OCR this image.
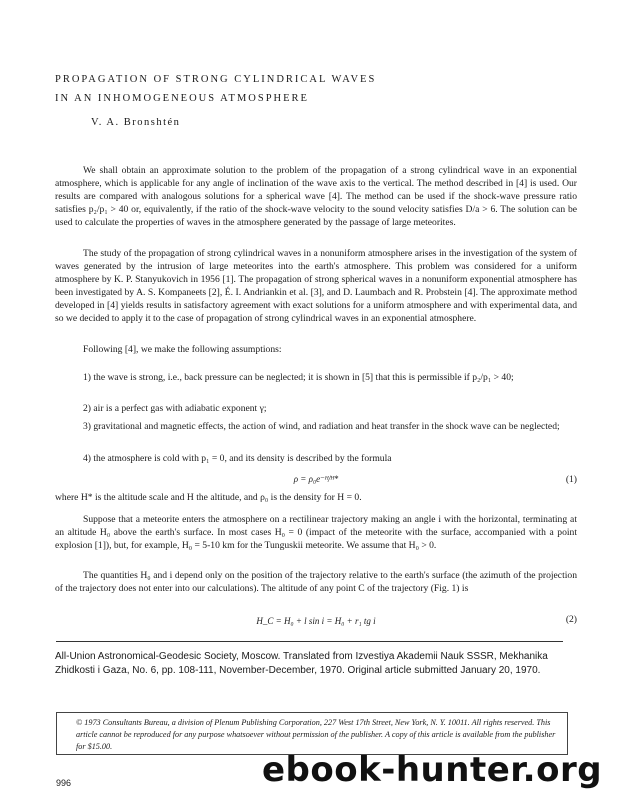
PROPAGATION OF STRONG CYLINDRICAL WAVES
IN AN INHOMOGENEOUS ATMOSPHERE
V. A. Bronshtén

We shall obtain an approximate solution to the problem of the propagation of a strong cylindrical wave in an exponential atmosphere, which is applicable for any angle of inclination of the wave axis to the vertical. The method described in [4] is used. Our results are compared with analogous solutions for a spherical wave [4]. The method can be used if the shock-wave pressure ratio satisfies p₂/p₁ > 40 or, equivalently, if the ratio of the shock-wave velocity to the sound velocity satisfies D/a > 6. The solution can be used to calculate the properties of waves in the atmosphere generated by the passage of large meteorites.

The study of the propagation of strong cylindrical waves in a nonuniform atmosphere arises in the investigation of the system of waves generated by the intrusion of large meteorites into the earth's atmosphere. This problem was considered for a uniform atmosphere by K. P. Stanyukovich in 1956 [1]. The propagation of strong spherical waves in a nonuniform exponential atmosphere has been investigated by A. S. Kompaneets [2], É. I. Andriankin et al. [3], and D. Laumbach and R. Probstein [4]. The approximate method developed in [4] yields results in satisfactory agreement with exact solutions for a uniform atmosphere and with experimental data, and so we decided to apply it to the case of propagation of strong cylindrical waves in an exponential atmosphere.

Following [4], we make the following assumptions:

1) the wave is strong, i.e., back pressure can be neglected; it is shown in [5] that this is permissible if p₂/p₁ > 40;

2) air is a perfect gas with adiabatic exponent γ;

3) gravitational and magnetic effects, the action of wind, and radiation and heat transfer in the shock wave can be neglected;

4) the atmosphere is cold with p₁ = 0, and its density is described by the formula

ρ = ρ₀e⁻ᴴ/ᴴ*	(1)

where H* is the altitude scale and H the altitude, and ρ₀ is the density for H = 0.

Suppose that a meteorite enters the atmosphere on a rectilinear trajectory making an angle i with the horizontal, terminating at an altitude H₀ above the earth's surface. In most cases H₀ = 0 (impact of the meteorite with the surface, accompanied with a point explosion [1]), but, for example, H₀ = 5-10 km for the Tunguskii meteorite. We assume that H₀ > 0.

The quantities H₀ and i depend only on the position of the trajectory relative to the earth's surface (the azimuth of the projection of the trajectory does not enter into our calculations). The altitude of any point C of the trajectory (Fig. 1) is

H_C = H₀ + l sin i = H₀ + r₁ tg i	(2)

All-Union Astronomical-Geodesic Society, Moscow. Translated from Izvestiya Akademii Nauk SSSR, Mekhanika Zhidkosti i Gaza, No. 6, pp. 108-111, November-December, 1970. Original article submitted January 20, 1970.

© 1973 Consultants Bureau, a division of Plenum Publishing Corporation, 227 West 17th Street, New York, N. Y. 10011. All rights reserved. This article cannot be reproduced for any purpose whatsoever without permission of the publisher. A copy of this article is available from the publisher for $15.00.

996	ebook-hunter.org
